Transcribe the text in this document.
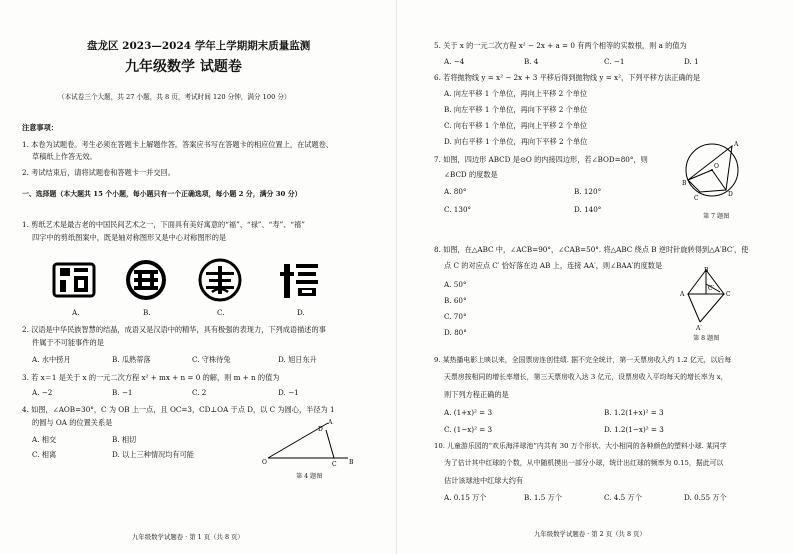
盘龙区 2023—2024 学年上学期期末质量监测
九年级数学 试题卷
（本试卷三个大题，共 27 小题，共 8 页，考试时间 120 分钟，满分 100 分）
注意事项：
1. 本卷为试题卷。考生必须在答题卡上解题作答。答案应书写在答题卡的相应位置上，在试题卷、
草稿纸上作答无效。
2. 考试结束后，请将试题卷和答题卡一并交回。
一、选择题（本大题共 15 个小题，每小题只有一个正确选项，每小题 2 分，满分 30 分）
1. 剪纸艺术是最古老的中国民间艺术之一，下面具有美好寓意的“福”、“禄”、“寿”、“禧”
四字中的剪纸图案中，既是轴对称图形又是中心对称图形的是
A.	B.	C.	D.
2. 汉语是中华民族智慧的结晶，成语又是汉语中的精华，具有极强的表现力，下列成语描述的事
件属于不可能事件的是
A. 水中捞月	B. 瓜熟蒂落	C. 守株待兔	D. 旭日东升
3. 若 x＝1 是关于 x 的一元二次方程 x² + mx + n = 0 的解，则 m + n 的值为
A. −2	B. −1	C. 2	D. −1
4. 如图，∠AOB=30°，C 为 OB 上一点，且 OC=3，CD⊥OA 于点 D，以 C 为圆心，半径为 1
的圆与 OA 的位置关系是
A. 相交	B. 相切
C. 相离	D. 以上三种情况均有可能
O	C B
D
A
第 4 题图
九年级数学试题卷 · 第 1 页（共 8 页）
5. 关于 x 的一元二次方程 x² − 2x + a = 0 有两个相等的实数根，则 a 的值为
A. −4	B. 4	C. −1	D. 1
6. 若将抛物线 y = x² − 2x + 3 平移后得到抛物线 y = x²，下列平移方法正确的是
A. 向左平移 1 个单位，再向上平移 2 个单位
B. 向左平移 1 个单位，再向下平移 2 个单位
C. 向右平移 1 个单位，再向上平移 2 个单位
D. 向右平移 1 个单位，再向下平移 2 个单位
7. 如图，四边形 ABCD 是⊙O 的内接四边形，若∠BOD=80°，则
∠BCD 的度数是
A. 80°	B. 120°
C. 130°	D. 140°
A
B
C
D
O
第 7 题图
8. 如图，在△ABC 中，∠ACB=90°，∠CAB=50°. 将△ABC 绕点 B 逆时针旋转得到△A′BC′，使
点 C 的对应点 C′ 恰好落在边 AB 上，连接 AA′，则∠BAA′的度数是
A. 50°
B. 60°
C. 70°
D. 80°
B
A	C
C′
A′
第 8 题图
9. 某热播电影上映以来，全国票房连创佳绩. 据不完全统计，第一天票房收入约 1.2 亿元，以后每
天票房按相同的增长率增长，第三天票房收入达 3 亿元，设票房收入平均每天的增长率为 x，
则下列方程正确的是
A. (1+x)² = 3	B. 1.2(1+x)² = 3
C. (1−x)² = 3	D. 1.2(1−x)² = 3
10. 儿童游乐园的“欢乐海洋球池”内共有 30 万个形状、大小相同的各种颜色的塑料小球. 某同学
为了估计其中红球的个数，从中随机摸出一部分小球，统计出红球的频率为 0.15，据此可以
估计该球池中红球大约有
A. 0.15 万个	B. 1.5 万个	C. 4.5 万个	D. 0.55 万个
九年级数学试题卷 · 第 2 页（共 8 页）
